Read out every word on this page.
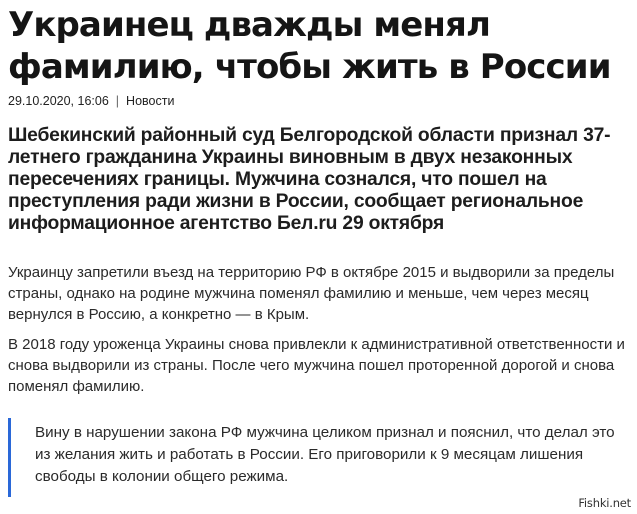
Украинец дважды менял фамилию, чтобы жить в России
29.10.2020, 16:06 | Новости

Шебекинский районный суд Белгородской области признал 37-летнего гражданина Украины виновным в двух незаконных пересечениях границы. Мужчина сознался, что пошел на преступления ради жизни в России, сообщает региональное информационное агентство Бел.ru 29 октября

Украинцу запретили въезд на территорию РФ в октябре 2015 и выдворили за пределы страны, однако на родине мужчина поменял фамилию и меньше, чем через месяц вернулся в Россию, а конкретно — в Крым.

В 2018 году уроженца Украины снова привлекли к административной ответственности и снова выдворили из страны. После чего мужчина пошел проторенной дорогой и снова поменял фамилию.

Вину в нарушении закона РФ мужчина целиком признал и пояснил, что делал это из желания жить и работать в России. Его приговорили к 9 месяцам лишения свободы в колонии общего режима.

Fishki.net
